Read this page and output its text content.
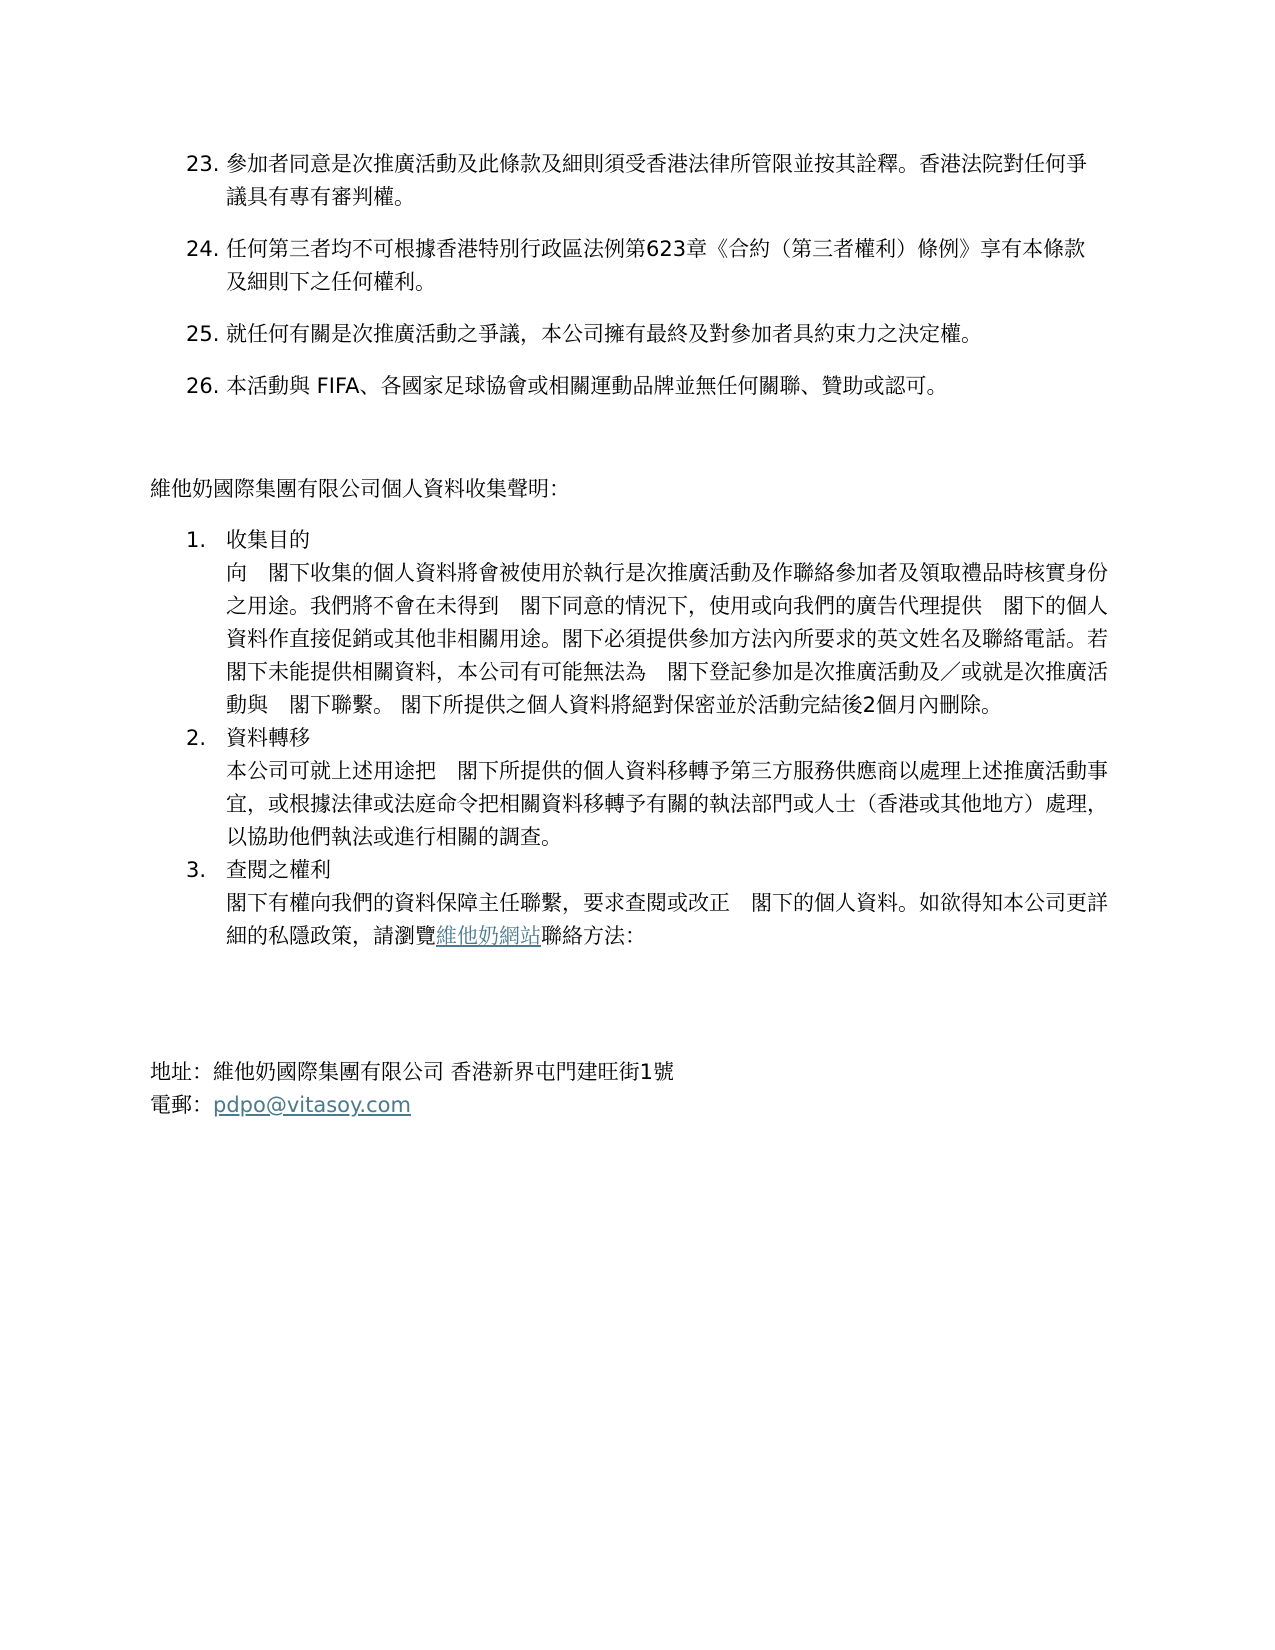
23. 參加者同意是次推廣活動及此條款及細則須受香港法律所管限並按其詮釋。香港法院對任何爭議具有專有審判權。
24. 任何第三者均不可根據香港特別行政區法例第623章《合約（第三者權利）條例》享有本條款及細則下之任何權利。
25. 就任何有關是次推廣活動之爭議，本公司擁有最終及對參加者具約束力之決定權。
26. 本活動與 FIFA、各國家足球協會或相關運動品牌並無任何關聯、贊助或認可。
維他奶國際集團有限公司個人資料收集聲明：
1. 收集目的
向　閣下收集的個人資料將會被使用於執行是次推廣活動及作聯絡參加者及領取禮品時核實身份之用途。我們將不會在未得到　閣下同意的情況下，使用或向我們的廣告代理提供　閣下的個人資料作直接促銷或其他非相關用途。閣下必須提供參加方法內所要求的英文姓名及聯絡電話。若 閣下未能提供相關資料，本公司有可能無法為　閣下登記參加是次推廣活動及／或就是次推廣活動與　閣下聯繫。 閣下所提供之個人資料將絕對保密並於活動完結後2個月內刪除。
2. 資料轉移
本公司可就上述用途把　閣下所提供的個人資料移轉予第三方服務供應商以處理上述推廣活動事宜，或根據法律或法庭命令把相關資料移轉予有關的執法部門或人士（香港或其他地方）處理，以協助他們執法或進行相關的調查。
3. 查閱之權利
閣下有權向我們的資料保障主任聯繫，要求查閱或改正　閣下的個人資料。如欲得知本公司更詳細的私隱政策，請瀏覽維他奶網站聯絡方法：
地址：維他奶國際集團有限公司 香港新界屯門建旺街1號
電郵：pdpo@vitasoy.com
